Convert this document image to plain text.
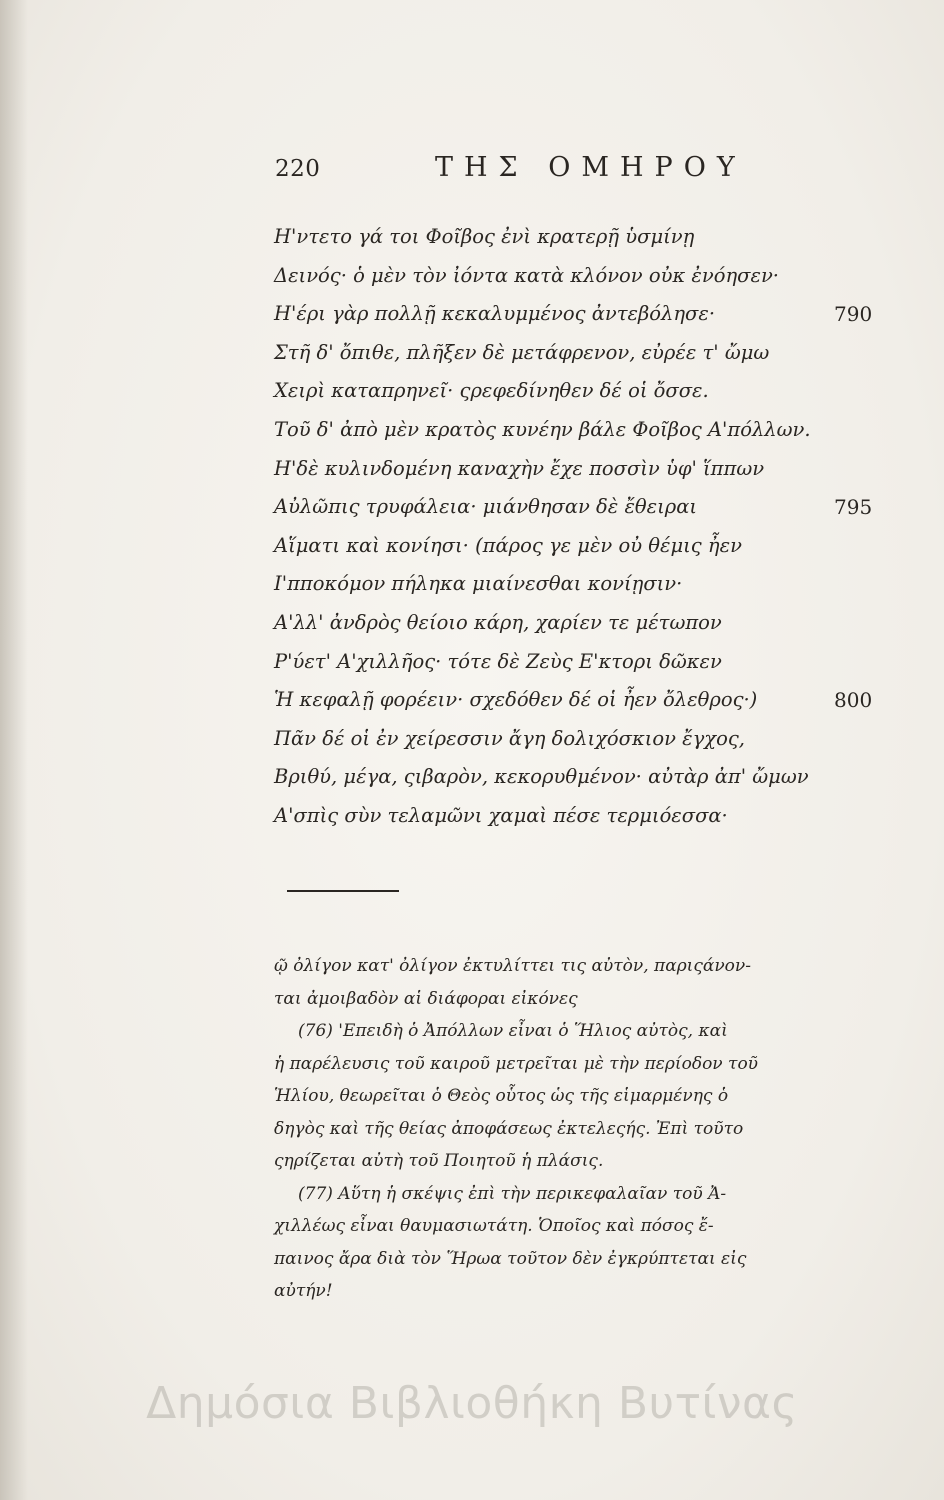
220	ΤΗΣ ΟΜΗΡΟΥ
Η'ντετο γά τοι Φοῖβος ἐνὶ κρατερῇ ὑσμίνῃ
Δεινός· ὁ μὲν τὸν ἰόντα κατὰ κλόνον οὐκ ἐνόησεν·
Η'έρι γὰρ πολλῇ κεκαλυμμένος ἀντεβόλησε·	790
Στῆ δ' ὄπιθε, πλῆξεν δὲ μετάφρενον, εὐρέε τ' ὤμω
Χειρὶ καταπρηνεῖ· ςρεφεδίνηθεν δέ οἱ ὄσσε.
Τοῦ δ' ἀπὸ μὲν κρατὸς κυνέην βάλε Φοῖβος Α'πόλλων.
Η'δὲ κυλινδομένη καναχὴν ἔχε ποσσὶν ὑφ' ἵππων
Αὐλῶπις τρυφάλεια· μιάνθησαν δὲ ἔθειραι	795
Αἵματι καὶ κονίησι· (πάρος γε μὲν οὐ θέμις ἦεν
Ι'πποκόμον πήληκα μιαίνεσθαι κονίῃσιν·
Α'λλ' ἀνδρὸς θείοιο κάρη, χαρίεν τε μέτωπον
Ρ'ύετ' Α'χιλλῆος· τότε δὲ Ζεὺς Ε'κτορι δῶκεν
Ἡ κεφαλῇ φορέειν· σχεδόθεν δέ οἱ ἦεν ὄλεθρος·)	800
Πᾶν δέ οἱ ἐν χείρεσσιν ἄγη δολιχόσκιον ἔγχος,
Βριθύ, μέγα, ςιβαρὸν, κεκορυθμένον· αὐτὰρ ἀπ' ὤμων
Α'σπὶς σὺν τελαμῶνι χαμαὶ πέσε τερμιόεσσα·
ῷ ὀλίγον κατ' ὀλίγον ἐκτυλίττει τις αὐτὸν, παριςάνον-
ται ἀμοιβαδὸν αἱ διάφοραι εἰκόνες
(76) 'Επειδὴ ὁ Ἀπόλλων εἶναι ὁ Ἥλιος αὐτὸς, καὶ
ἡ παρέλευσις τοῦ καιροῦ μετρεῖται μὲ τὴν περίοδον τοῦ
Ἡλίου, θεωρεῖται ὁ Θεὸς οὗτος ὡς τῆς εἱμαρμένης ὁ
δηγὸς καὶ τῆς θείας ἀποφάσεως ἐκτελεςής. Ἐπὶ τοῦτο
ςηρίζεται αὐτὴ τοῦ Ποιητοῦ ἡ πλάσις.
(77) Αὕτη ἡ σκέψις ἐπὶ τὴν περικεφαλαῖαν τοῦ Ἀ-
χιλλέως εἶναι θαυμασιωτάτη. Ὁποῖος καὶ πόσος ἔ-
παινος ἄρα διὰ τὸν Ἥρωα τοῦτον δὲν ἐγκρύπτεται εἰς
αὐτήν!
Δημόσια Βιβλιοθήκη Βυτίνας
